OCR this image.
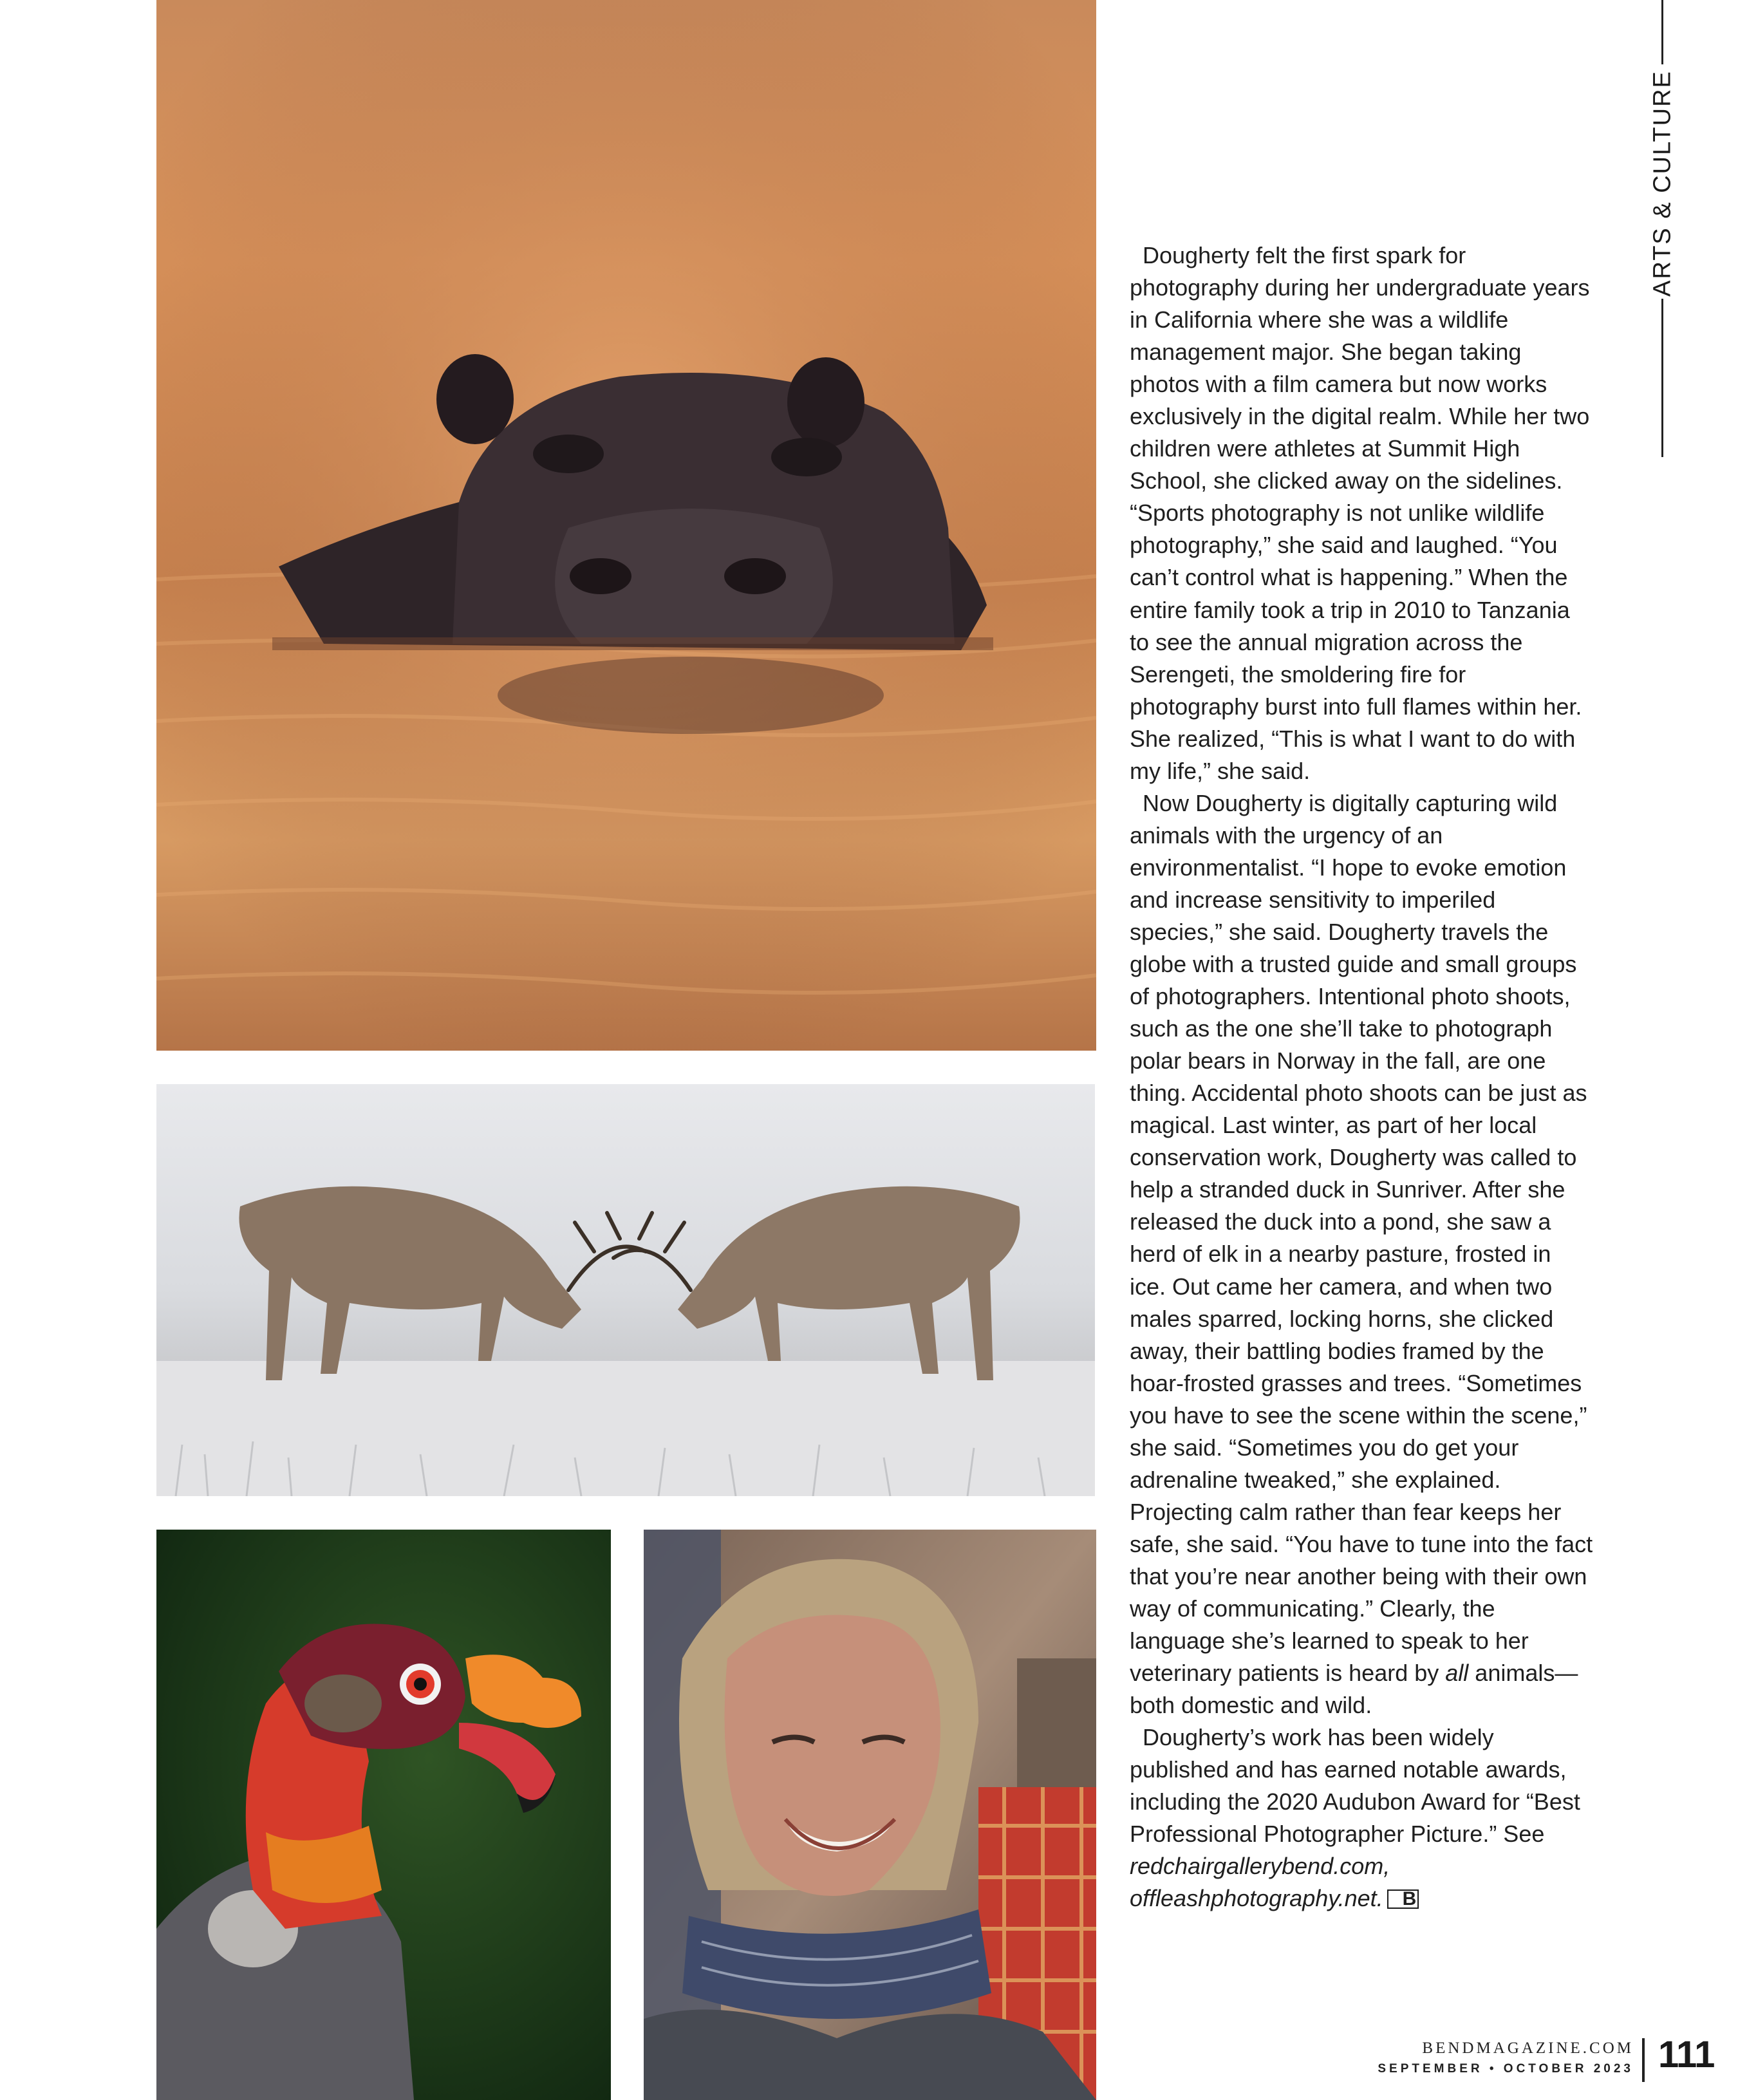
Dougherty felt the first spark for photography during her undergraduate years in California where she was a wildlife management major. She began taking photos with a film camera but now works exclusively in the digital realm. While her two children were athletes at Summit High School, she clicked away on the sidelines. “Sports photography is not unlike wildlife photography,” she said and laughed. “You can’t control what is happening.” When the entire family took a trip in 2010 to Tanzania to see the annual migration across the Serengeti, the smoldering fire for photography burst into full flames within her. She realized, “This is what I want to do with my life,” she said.

Now Dougherty is digitally capturing wild animals with the urgency of an environmentalist. “I hope to evoke emotion and increase sensitivity to imperiled species,” she said. Dougherty travels the globe with a trusted guide and small groups of photographers. Intentional photo shoots, such as the one she’ll take to photograph polar bears in Norway in the fall, are one thing. Accidental photo shoots can be just as magical. Last winter, as part of her local conservation work, Dougherty was called to help a stranded duck in Sunriver. After she released the duck into a pond, she saw a herd of elk in a nearby pasture, frosted in ice. Out came her camera, and when two males sparred, locking horns, she clicked away, their battling bodies framed by the hoar-frosted grasses and trees. “Sometimes you have to see the scene within the scene,” she said. “Sometimes you do get your adrenaline tweaked,” she explained. Projecting calm rather than fear keeps her safe, she said. “You have to tune into the fact that you’re near another being with their own way of communicating.” Clearly, the language she’s learned to speak to her veterinary patients is heard by all animals—both domestic and wild.

Dougherty’s work has been widely published and has earned notable awards, including the 2020 Audubon Award for “Best Professional Photographer Picture.” See redchairgallerybend.com, offleashphotography.net. B

ARTS & CULTURE
BENDMAGAZINE.COM
SEPTEMBER • OCTOBER 2023 111
